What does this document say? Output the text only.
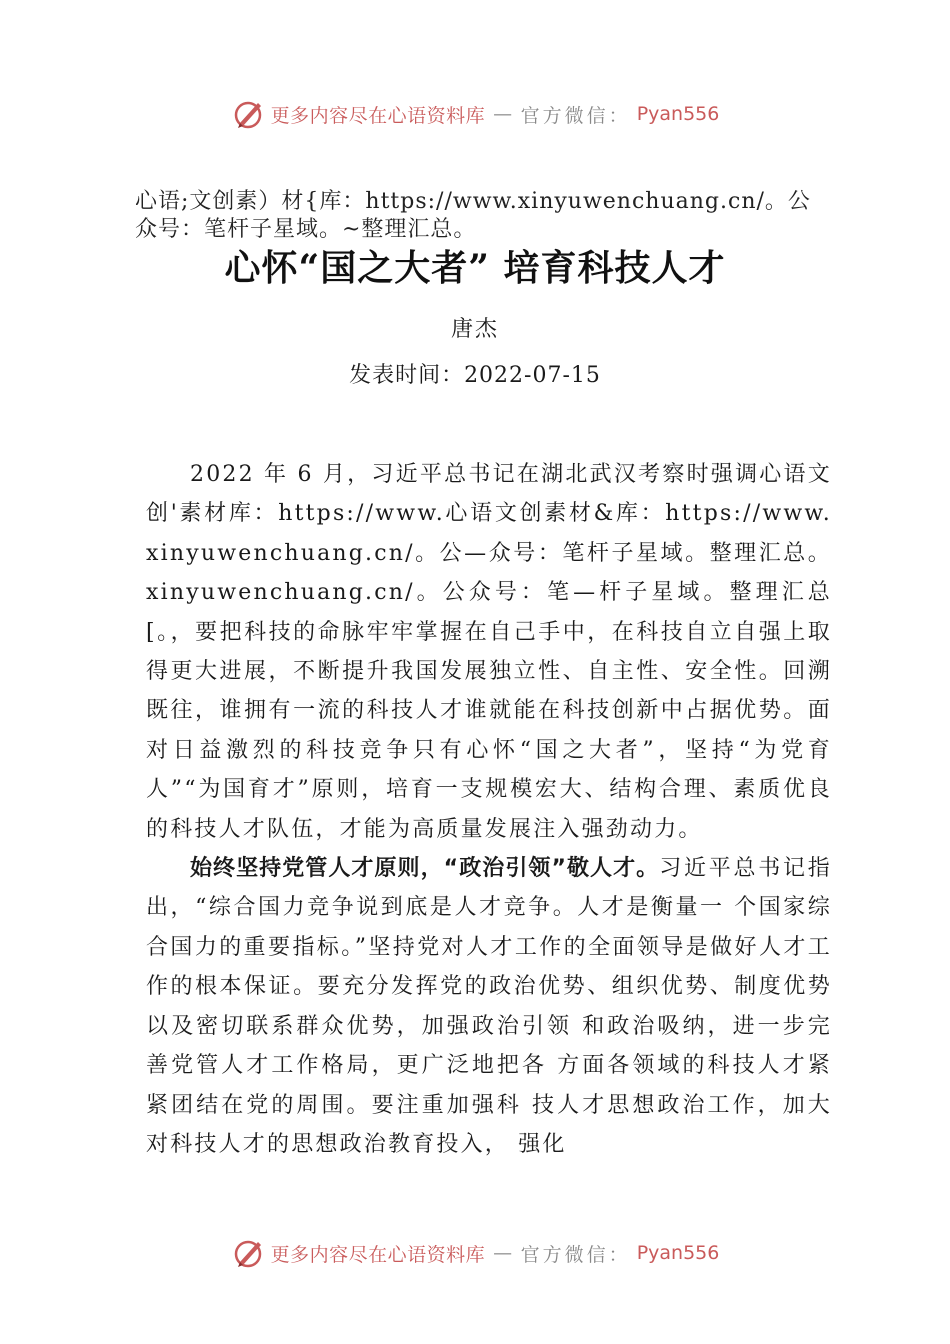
更多内容尽在心语资料库 — 官方微信： Pyan556
心语;文创素）材{库：https://www.xinyuwenchuang.cn/。公众号：笔杆子星域。~整理汇总。
心怀“国之大者” 培育科技人才
唐杰
发表时间：2022-07-15

2022 年 6 月，习近平总书记在湖北武汉考察时强调心语文创'素材库：https://www.心语文创素材&库：https://www.xinyuwenchuang.cn/。公—众号：笔杆子星域。整理汇总。xinyuwenchuang.cn/。公众号：笔—杆子星域。整理汇总[。，要把科技的命脉牢牢掌握在自己手中，在科技自立自强上取得更大进展，不断提升我国发展独立性、自主性、安全性。回溯既往，谁拥有一流的科技人才谁就能在科技创新中占据优势。面对日益激烈的科技竞争只有心怀“国之大者”，坚持“为党育人”“为国育才”原则，培育一支规模宏大、结构合理、素质优良的科技人才队伍，才能为高质量发展注入强劲动力。

始终坚持党管人才原则，“政治引领”敬人才。习近平总书记指出，“综合国力竞争说到底是人才竞争。人才是衡量一 个国家综合国力的重要指标。”坚持党对人才工作的全面领导是做好人才工作的根本保证。要充分发挥党的政治优势、组织优势、制度优势以及密切联系群众优势，加强政治引领 和政治吸纳，进一步完善党管人才工作格局，更广泛地把各 方面各领域的科技人才紧紧团结在党的周围。要注重加强科 技人才思想政治工作，加大对科技人才的思想政治教育投入， 强化

更多内容尽在心语资料库 — 官方微信： Pyan556
